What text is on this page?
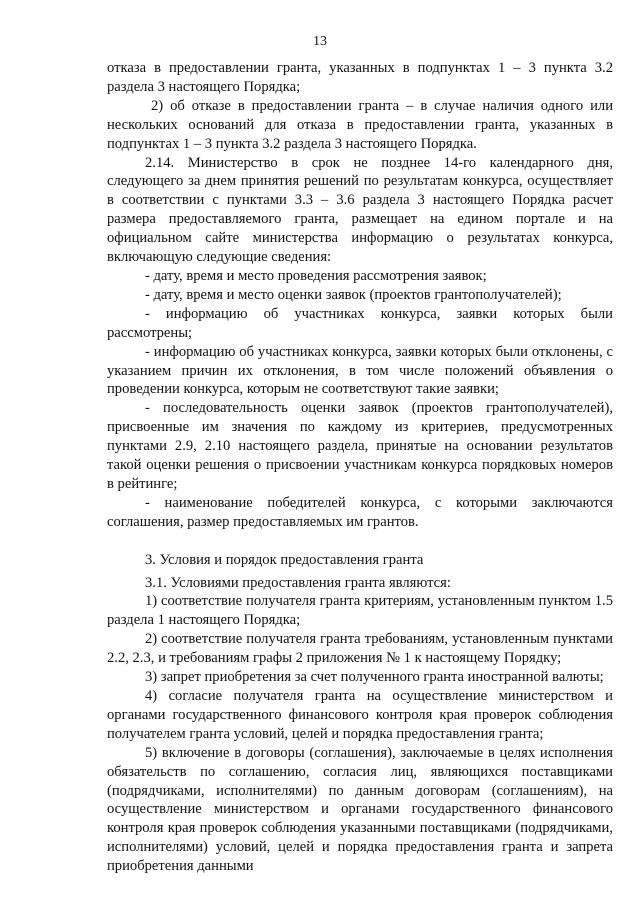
13

отказа в предоставлении гранта, указанных в подпунктах 1 – 3 пункта 3.2 раздела 3 настоящего Порядка;

2) об отказе в предоставлении гранта – в случае наличия одного или нескольких оснований для отказа в предоставлении гранта, указанных в подпунктах 1 – 3 пункта 3.2 раздела 3 настоящего Порядка.

2.14. Министерство в срок не позднее 14-го календарного дня, следующего за днем принятия решений по результатам конкурса, осуществляет в соответствии с пунктами 3.3 – 3.6 раздела 3 настоящего Порядка расчет размера предоставляемого гранта, размещает на едином портале и на официальном сайте министерства информацию о результатах конкурса, включающую следующие сведения:

- дату, время и место проведения рассмотрения заявок;

- дату, время и место оценки заявок (проектов грантополучателей);

- информацию об участниках конкурса, заявки которых были рассмотрены;

- информацию об участниках конкурса, заявки которых были отклонены, с указанием причин их отклонения, в том числе положений объявления о проведении конкурса, которым не соответствуют такие заявки;

- последовательность оценки заявок (проектов грантополучателей), присвоенные им значения по каждому из критериев, предусмотренных пунктами 2.9, 2.10 настоящего раздела, принятые на основании результатов такой оценки решения о присвоении участникам конкурса порядковых номеров в рейтинге;

- наименование победителей конкурса, с которыми заключаются соглашения, размер предоставляемых им грантов.

3. Условия и порядок предоставления гранта

3.1. Условиями предоставления гранта являются:

1) соответствие получателя гранта критериям, установленным пунктом 1.5 раздела 1 настоящего Порядка;

2) соответствие получателя гранта требованиям, установленным пунктами 2.2, 2.3, и требованиям графы 2 приложения № 1 к настоящему Порядку;

3) запрет приобретения за счет полученного гранта иностранной валюты;

4) согласие получателя гранта на осуществление министерством и органами государственного финансового контроля края проверок соблюдения получателем гранта условий, целей и порядка предоставления гранта;

5) включение в договоры (соглашения), заключаемые в целях исполнения обязательств по соглашению, согласия лиц, являющихся поставщиками (подрядчиками, исполнителями) по данным договорам (соглашениям), на осуществление министерством и органами государственного финансового контроля края проверок соблюдения указанными поставщиками (подрядчиками, исполнителями) условий, целей и порядка предоставления гранта и запрета приобретения данными
